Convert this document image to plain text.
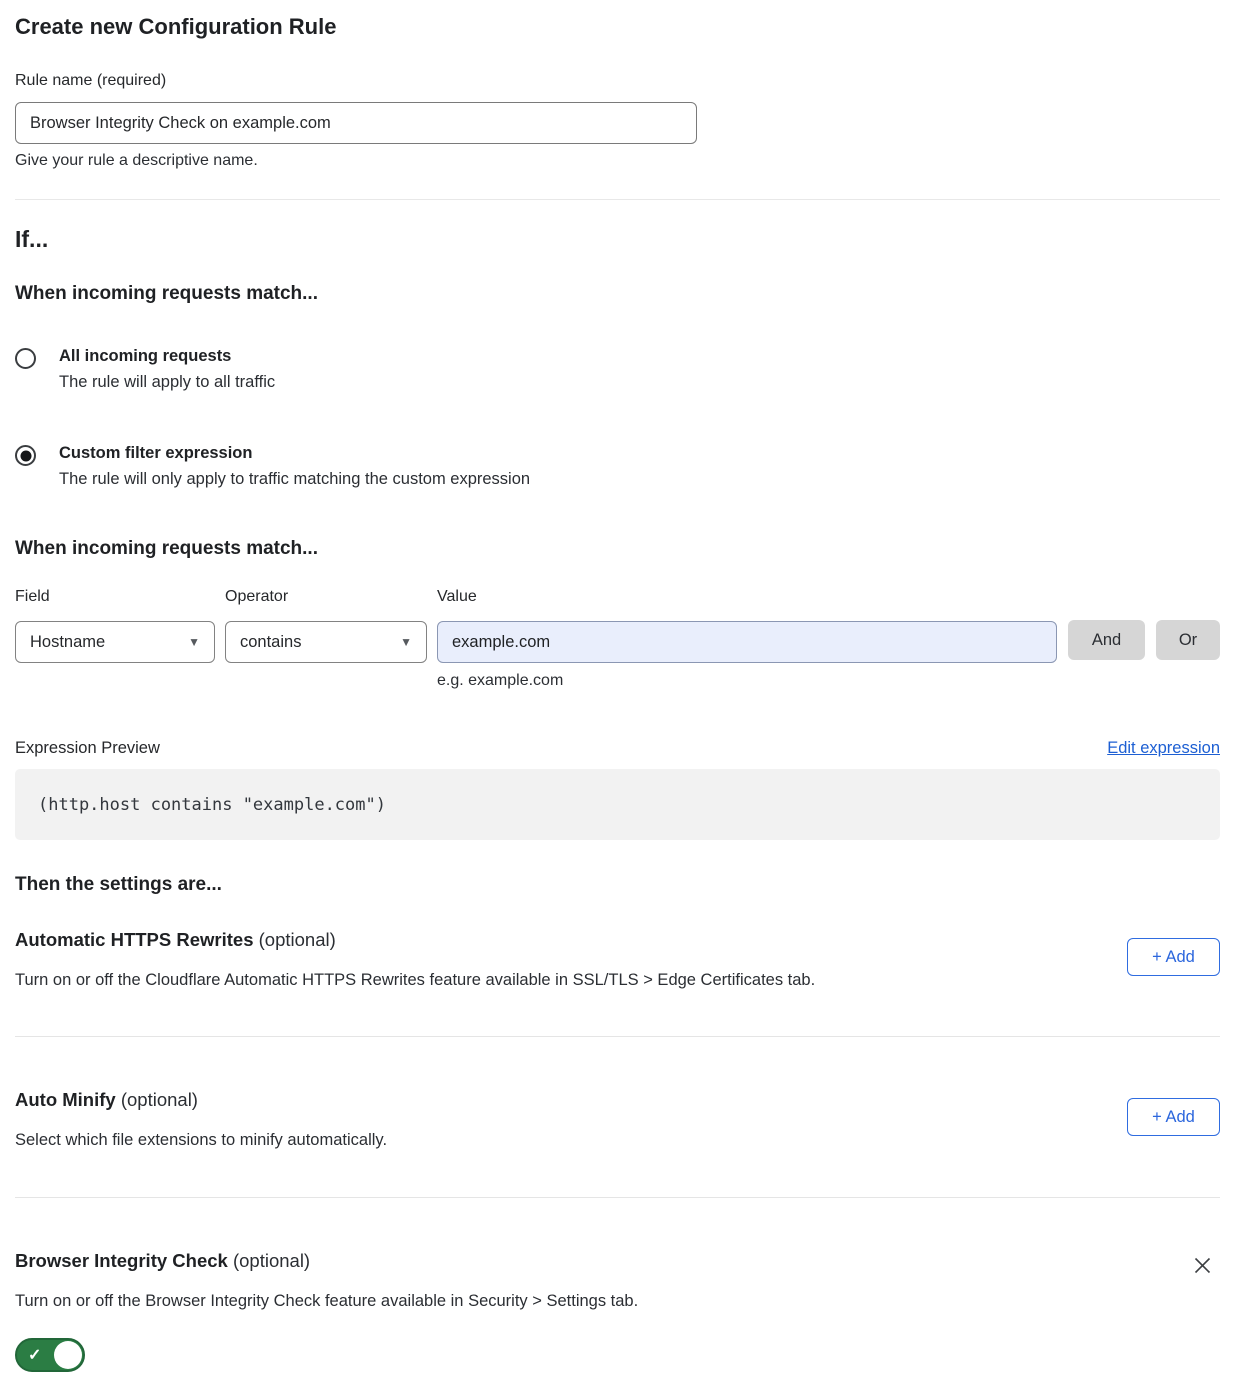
Create new Configuration Rule
Rule name (required)
Browser Integrity Check on example.com
Give your rule a descriptive name.
If...
When incoming requests match...
All incoming requests
The rule will apply to all traffic
Custom filter expression
The rule will only apply to traffic matching the custom expression
When incoming requests match...
Field
Hostname	▼
Operator
contains	▼
Value
example.com
e.g. example.com
And	Or
Expression Preview	Edit expression
(http.host contains "example.com")
Then the settings are...
Automatic HTTPS Rewrites (optional)
Turn on or off the Cloudflare Automatic HTTPS Rewrites feature available in SSL/TLS > Edge Certificates tab.
+ Add
Auto Minify (optional)
Select which file extensions to minify automatically.
+ Add
Browser Integrity Check (optional)
Turn on or off the Browser Integrity Check feature available in Security > Settings tab.
✓
